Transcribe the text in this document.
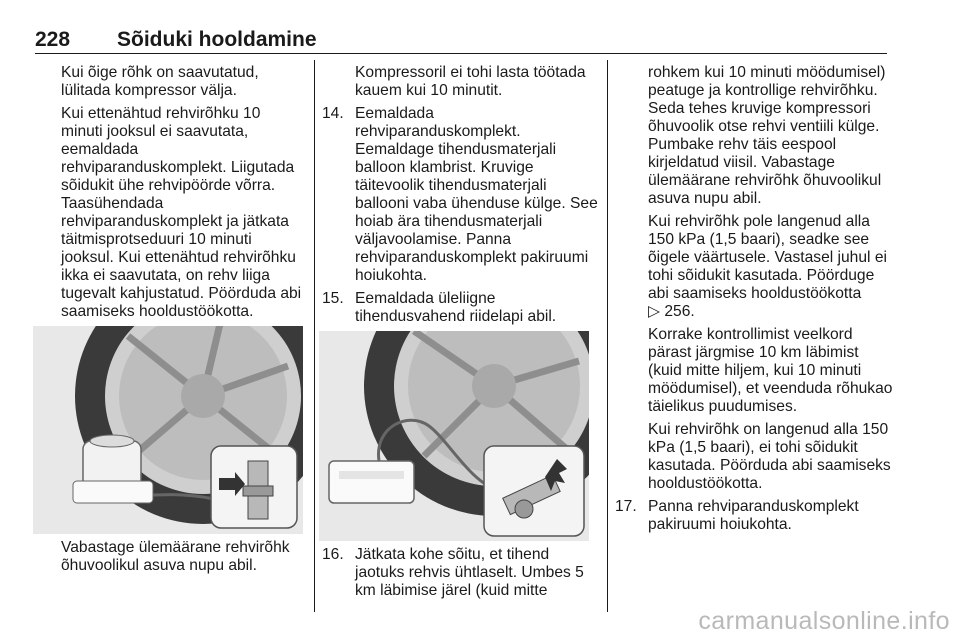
228 Sõiduki hooldamine

Kui õige rõhk on saavutatud, lülitada kompressor välja.

Kui ettenähtud rehvirõhku 10 minuti jooksul ei saavutata, eemaldada rehviparanduskomplekt. Liigutada sõidukit ühe rehvipöörde võrra. Taasühendada rehviparanduskomplekt ja jätkata täitmisprotseduuri 10 minuti jooksul. Kui ettenähtud rehvirõhku ikka ei saavutata, on rehv liiga tugevalt kahjustatud. Pöörduda abi saamiseks hooldustöökotta.

Vabastage ülemäärane rehvirõhk õhuvoolikul asuva nupu abil.

Kompressoril ei tohi lasta töötada kauem kui 10 minutit.

14. Eemaldada rehviparanduskomplekt. Eemaldage tihendusmaterjali balloon klambrist. Kruvige täitevoolik tihendusmaterjali ballooni vaba ühenduse külge. See hoiab ära tihendusmaterjali väljavoolamise. Panna rehviparanduskomplekt pakiruumi hoiukohta.
15. Eemaldada üleliigne tihendusvahend riidelapi abil.
16. Jätkata kohe sõitu, et tihend jaotuks rehvis ühtlaselt. Umbes 5 km läbimise järel (kuid mitte

rohkem kui 10 minuti möödumisel) peatuge ja kontrollige rehvirõhku. Seda tehes kruvige kompressori õhuvoolik otse rehvi ventiili külge. Pumbake rehv täis eespool kirjeldatud viisil. Vabastage ülemäärane rehvirõhk õhuvoolikul asuva nupu abil.

Kui rehvirõhk pole langenud alla 150 kPa (1,5 baari), seadke see õigele väärtusele. Vastasel juhul ei tohi sõidukit kasutada. Pöörduge abi saamiseks hooldustöökotta ▷ 256.

Korrake kontrollimist veelkord pärast järgmise 10 km läbimist (kuid mitte hiljem, kui 10 minuti möödumisel), et veenduda rõhukao täielikus puudumises.

Kui rehvirõhk on langenud alla 150 kPa (1,5 baari), ei tohi sõidukit kasutada. Pöörduda abi saamiseks hooldustöökotta.

17. Panna rehviparanduskomplekt pakiruumi hoiukohta.
carmanualsonline.info
